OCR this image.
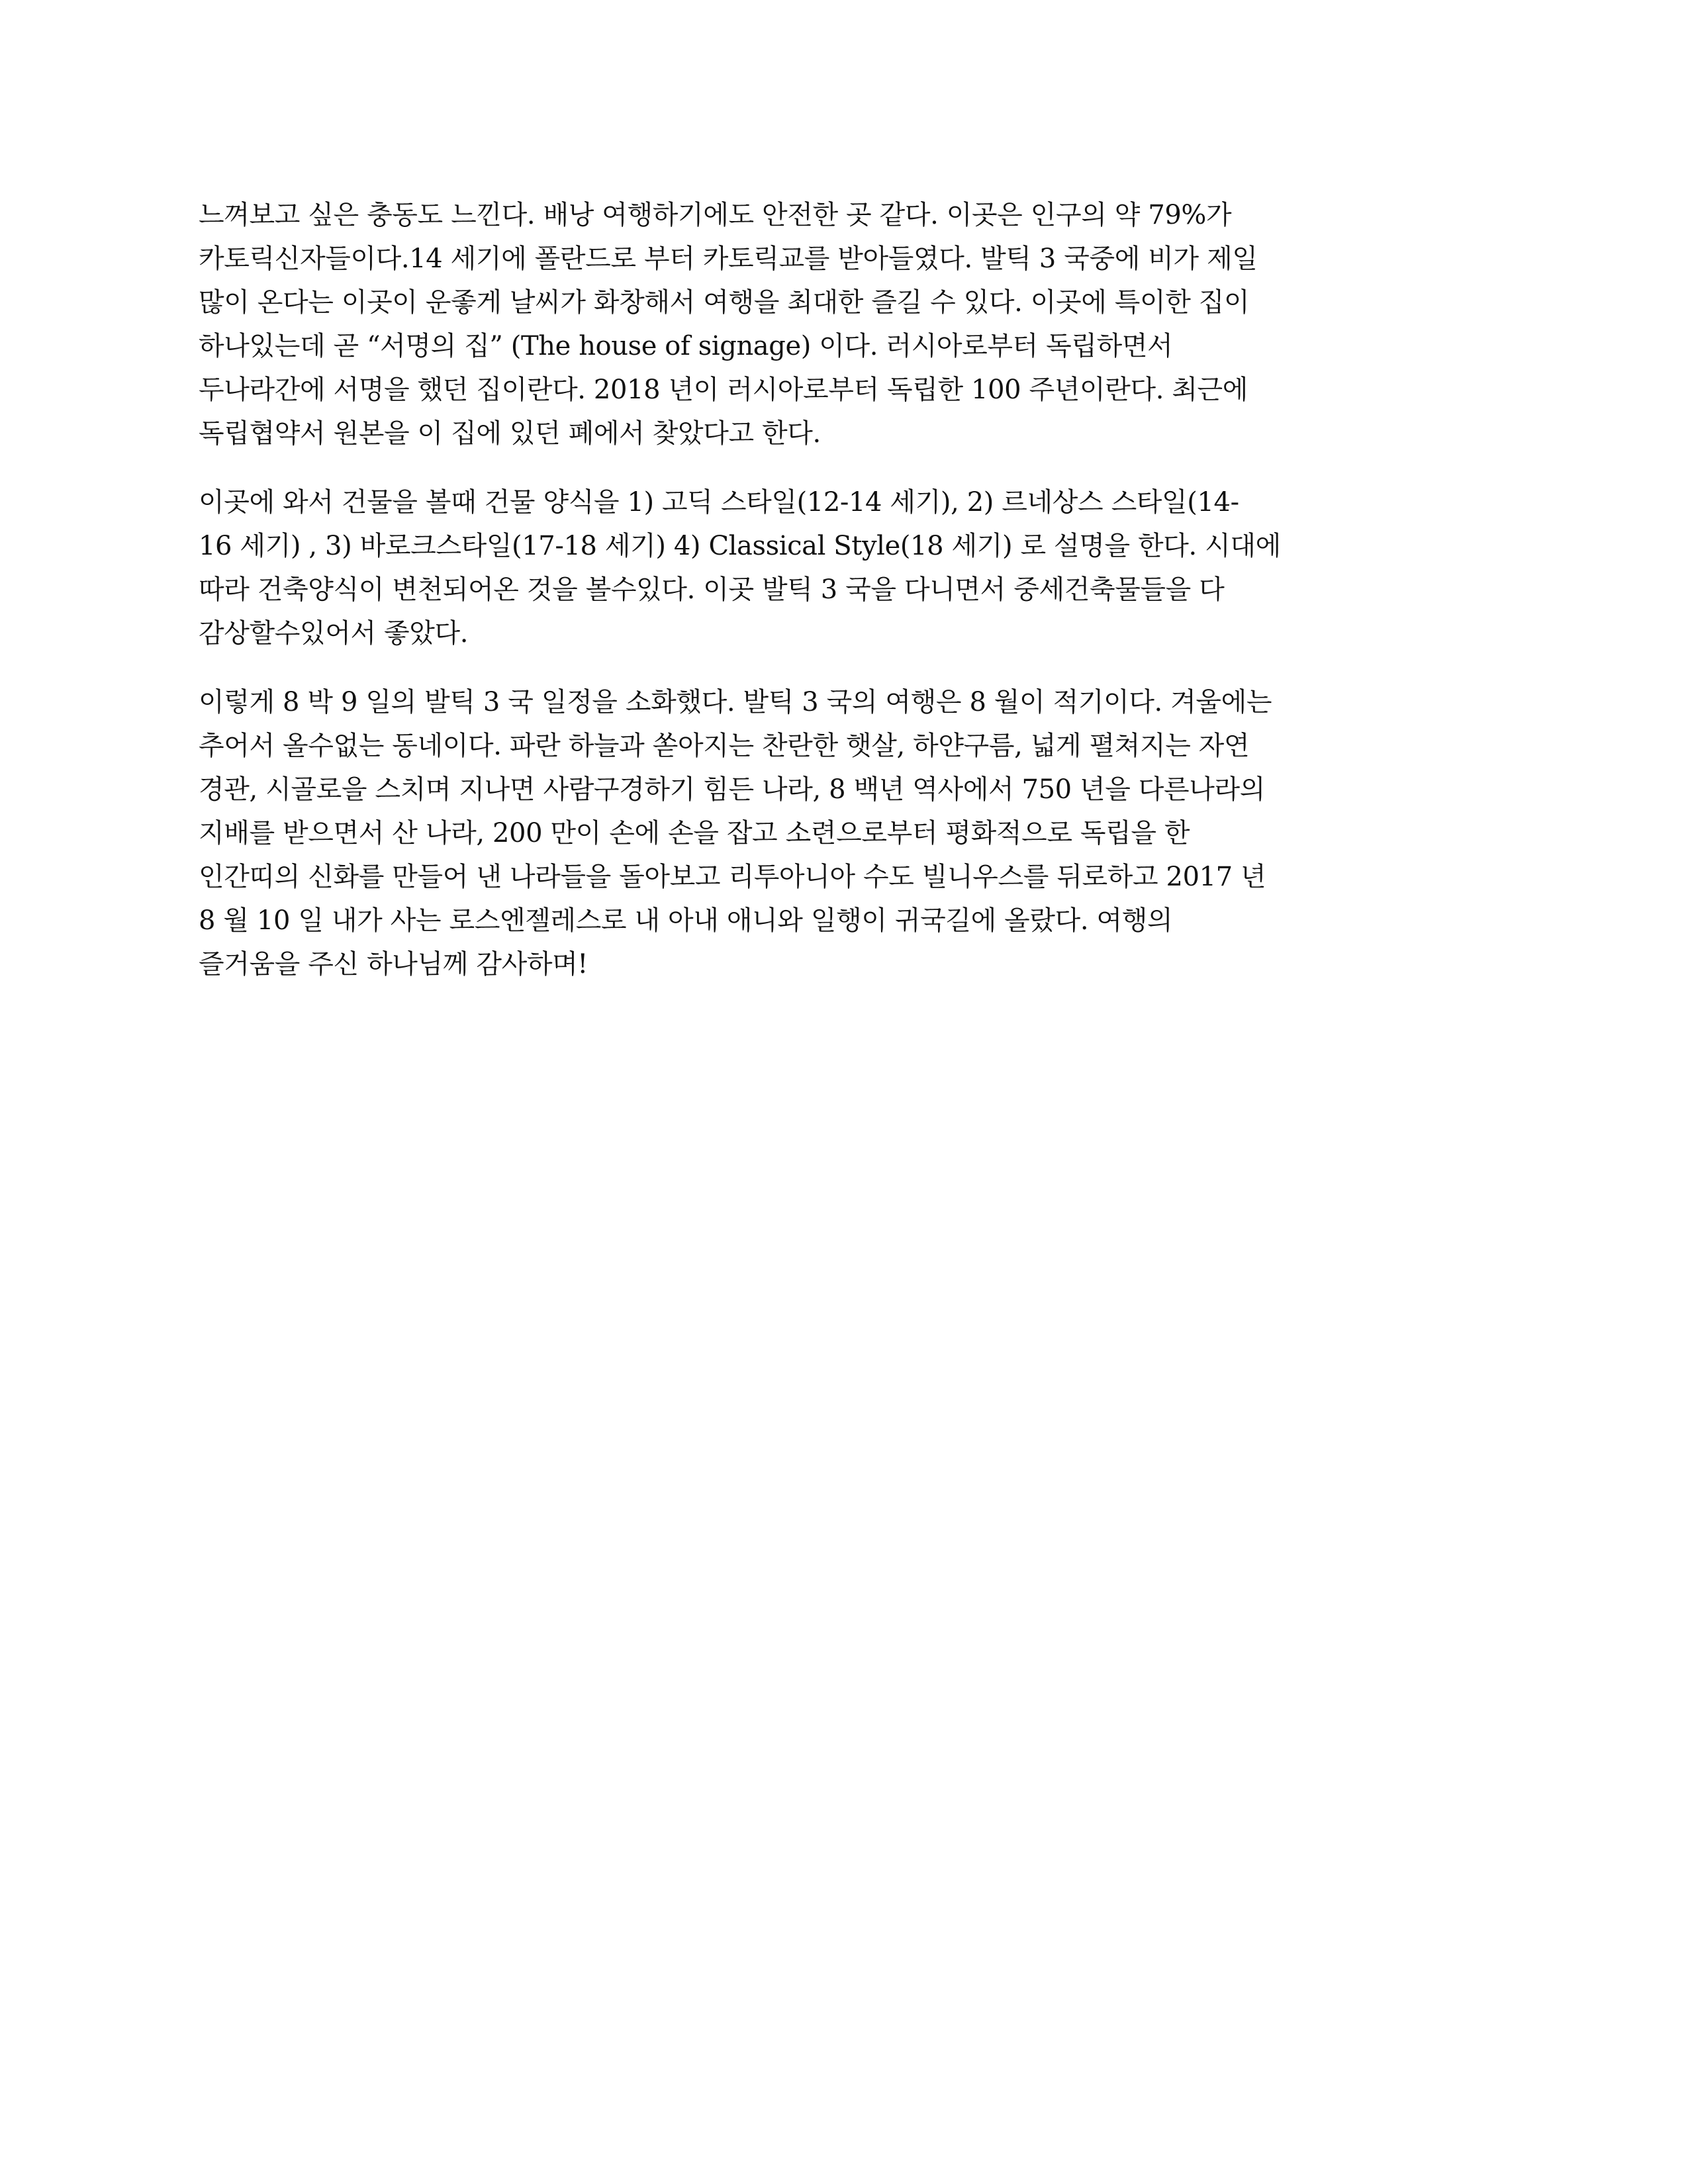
느껴보고 싶은 충동도 느낀다. 배낭 여행하기에도 안전한 곳 같다. 이곳은 인구의 약 79%가
카토릭신자들이다.14 세기에 폴란드로 부터 카토릭교를 받아들였다. 발틱 3 국중에 비가 제일
많이 온다는 이곳이 운좋게 날씨가 화창해서 여행을 최대한 즐길 수 있다. 이곳에 특이한 집이
하나있는데 곧 “서명의 집” (The house of signage) 이다. 러시아로부터 독립하면서
두나라간에 서명을 했던 집이란다. 2018 년이 러시아로부터 독립한 100 주년이란다. 최근에
독립협약서 원본을 이 집에 있던 폐에서 찾았다고 한다.

이곳에 와서 건물을 볼때 건물 양식을 1) 고딕 스타일(12-14 세기), 2) 르네상스 스타일(14-
16 세기) , 3) 바로크스타일(17-18 세기) 4) Classical Style(18 세기) 로 설명을 한다. 시대에
따라 건축양식이 변천되어온 것을 볼수있다. 이곳 발틱 3 국을 다니면서 중세건축물들을 다
감상할수있어서 좋았다.

이렇게 8 박 9 일의 발틱 3 국 일정을 소화했다. 발틱 3 국의 여행은 8 월이 적기이다. 겨울에는
추어서 올수없는 동네이다. 파란 하늘과 쏟아지는 찬란한 햇살, 하얀구름, 넓게 펼쳐지는 자연
경관, 시골로을 스치며 지나면 사람구경하기 힘든 나라, 8 백년 역사에서 750 년을 다른나라의
지배를 받으면서 산 나라, 200 만이 손에 손을 잡고 소련으로부터 평화적으로 독립을 한
인간띠의 신화를 만들어 낸 나라들을 돌아보고 리투아니아 수도 빌니우스를 뒤로하고 2017 년
8 월 10 일 내가 사는 로스엔젤레스로 내 아내 애니와 일행이 귀국길에 올랐다. 여행의
즐거움을 주신 하나님께 감사하며!
